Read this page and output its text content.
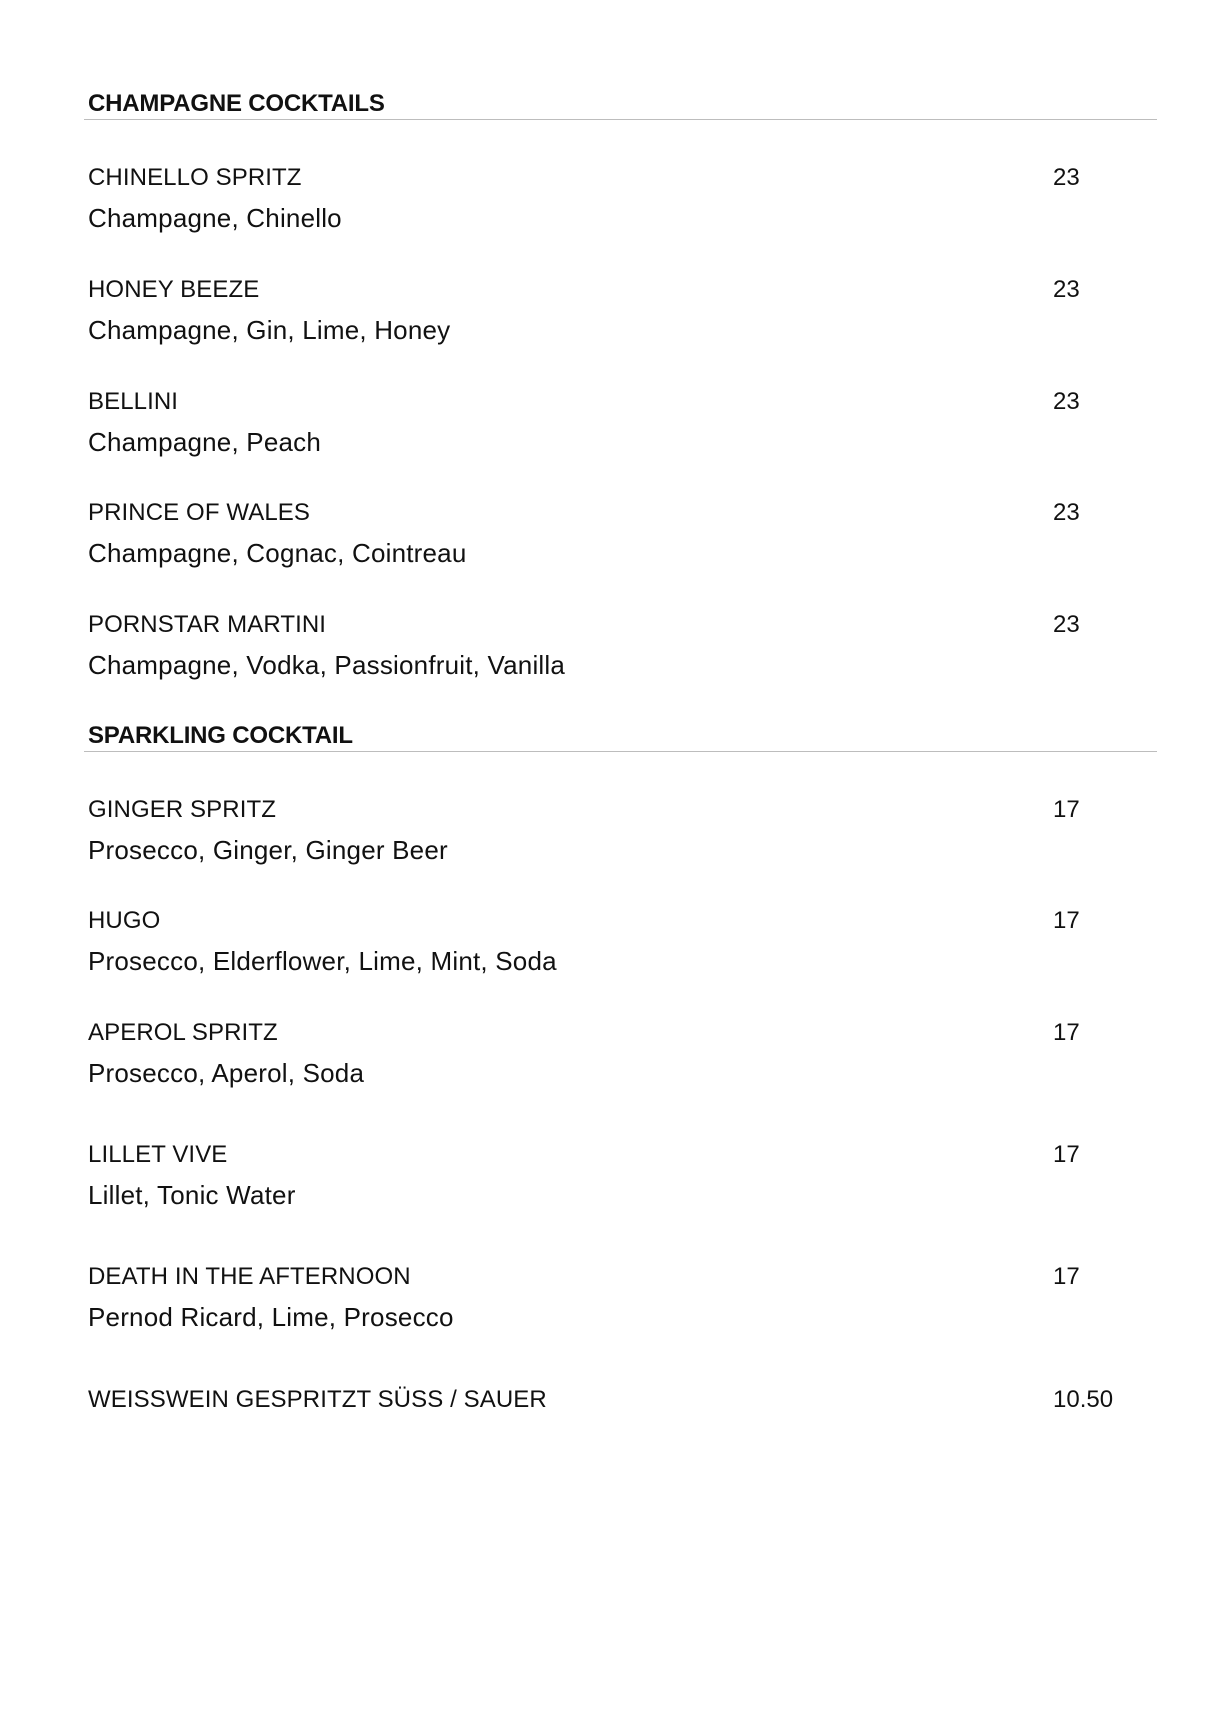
CHAMPAGNE COCKTAILS
CHINELLO SPRITZ	23
Champagne, Chinello
HONEY BEEZE	23
Champagne, Gin, Lime, Honey
BELLINI	23
Champagne, Peach
PRINCE OF WALES	23
Champagne, Cognac, Cointreau
PORNSTAR MARTINI	23
Champagne, Vodka, Passionfruit, Vanilla
SPARKLING COCKTAIL
GINGER SPRITZ	17
Prosecco, Ginger, Ginger Beer
HUGO	17
Prosecco, Elderflower, Lime, Mint, Soda
APEROL SPRITZ	17
Prosecco, Aperol, Soda
LILLET VIVE	17
Lillet, Tonic Water
DEATH IN THE AFTERNOON	17
Pernod Ricard, Lime, Prosecco
WEISSWEIN GESPRITZT SÜSS / SAUER	10.50
